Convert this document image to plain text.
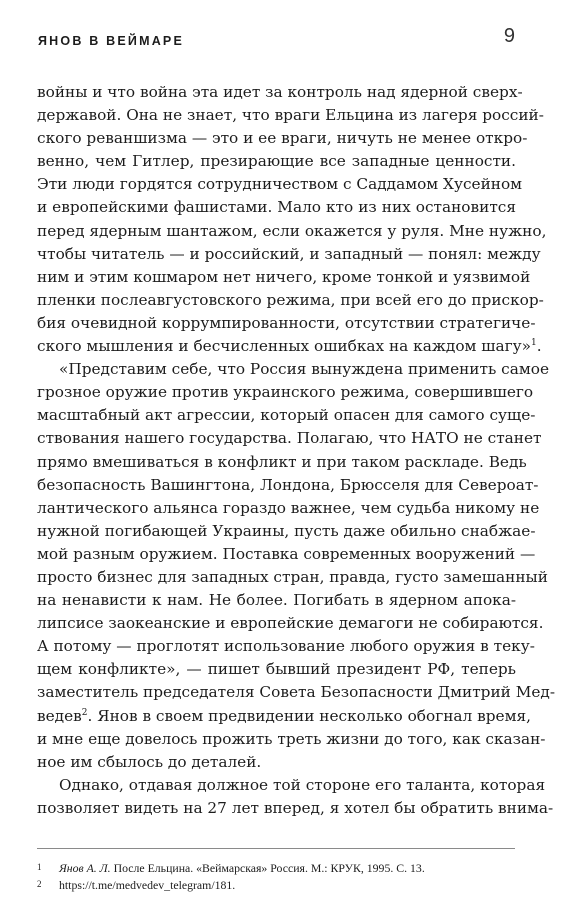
ЯНОВ В ВЕЙМАРЕ	9
войны и что война эта идет за контроль над ядерной сверх-
державой. Она не знает, что враги Ельцина из лагеря россий-
ского реваншизма — это и ее враги, ничуть не менее откро-
венно, чем Гитлер, презирающие все западные ценности.
Эти люди гордятся сотрудничеством с Саддамом Хусейном
и европейскими фашистами. Мало кто из них остановится
перед ядерным шантажом, если окажется у руля. Мне нужно,
чтобы читатель — и российский, и западный — понял: между
ним и этим кошмаром нет ничего, кроме тонкой и уязвимой
пленки послеавгустовского режима, при всей его до прискор-
бия очевидной коррумпированности, отсутствии стратегиче-
ского мышления и бесчисленных ошибках на каждом шагу»$^1$.
«Представим себе, что Россия вынуждена применить самое
грозное оружие против украинского режима, совершившего
масштабный акт агрессии, который опасен для самого суще-
ствования нашего государства. Полагаю, что НАТО не станет
прямо вмешиваться в конфликт и при таком раскладе. Ведь
безопасность Вашингтона, Лондона, Брюсселя для Североат-
лантического альянса гораздо важнее, чем судьба никому не
нужной погибающей Украины, пусть даже обильно снабжае-
мой разным оружием. Поставка современных вооружений —
просто бизнес для западных стран, правда, густо замешанный
на ненависти к нам. Не более. Погибать в ядерном апока-
липсисе заокеанские и европейские демагоги не собираются.
А потому — проглотят использование любого оружия в теку-
щем конфликте», — пишет бывший президент РФ, теперь
заместитель председателя Совета Безопасности Дмитрий Мед-
ведев$^2$. Янов в своем предвидении несколько обогнал время,
и мне еще довелось прожить треть жизни до того, как сказан-
ное им сбылось до деталей.
Однако, отдавая должное той стороне его таланта, которая
позволяет видеть на 27 лет вперед, я хотел бы обратить внима-
1	Янов А. Л. После Ельцина. «Веймарская» Россия. М.: КРУК, 1995. С. 13.
2	https://t.me/medvedev_telegram/181.
